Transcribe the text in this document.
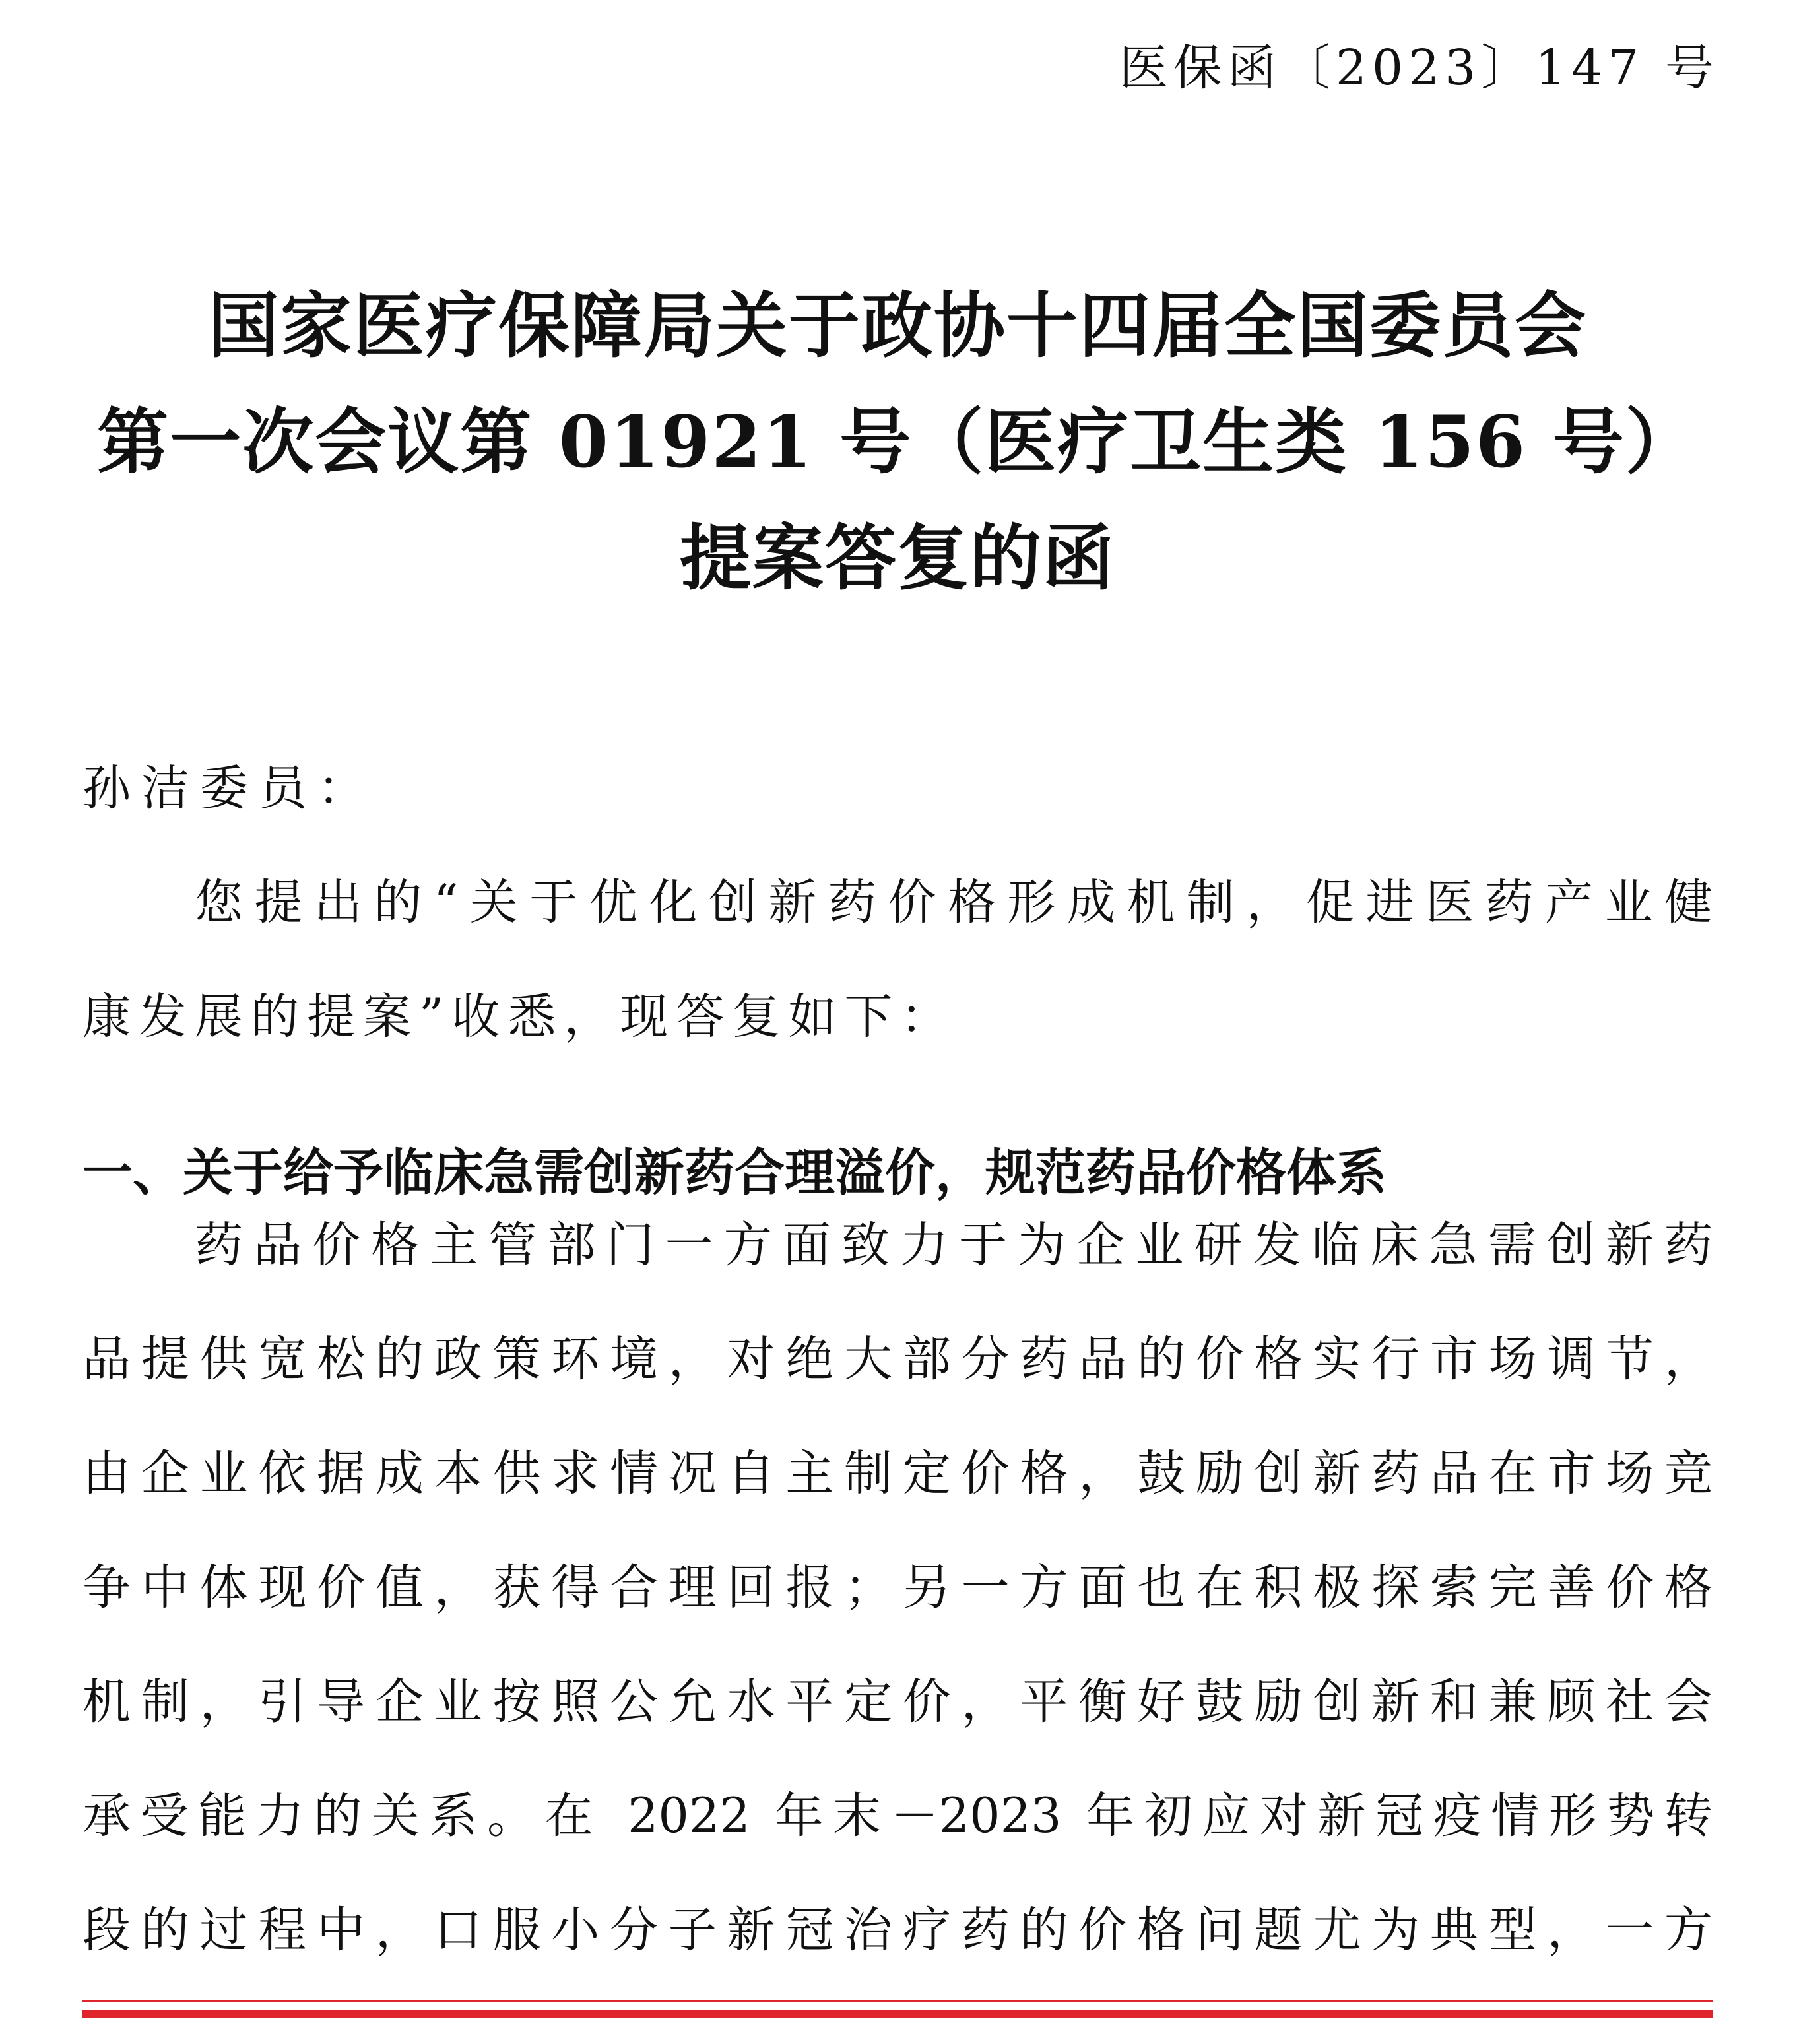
医保函〔2023〕147 号
国家医疗保障局关于政协十四届全国委员会
第一次会议第 01921 号（医疗卫生类 156 号）
提案答复的函
孙洁委员：
您提出的“关于优化创新药价格形成机制，促进医药产业健
康发展的提案”收悉，现答复如下：
一、关于给予临床急需创新药合理溢价，规范药品价格体系
药品价格主管部门一方面致力于为企业研发临床急需创新药
品提供宽松的政策环境，对绝大部分药品的价格实行市场调节，
由企业依据成本供求情况自主制定价格，鼓励创新药品在市场竞
争中体现价值，获得合理回报；另一方面也在积极探索完善价格
机制，引导企业按照公允水平定价，平衡好鼓励创新和兼顾社会
承受能力的关系。在 2022 年末－2023 年初应对新冠疫情形势转
段的过程中，口服小分子新冠治疗药的价格问题尤为典型，一方
